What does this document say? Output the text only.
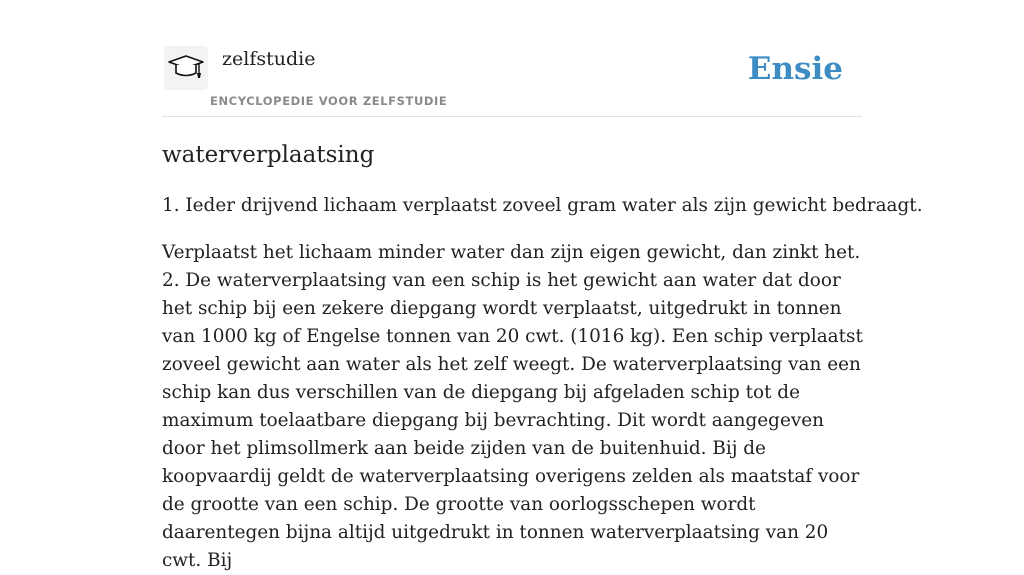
zelfstudie
ENCYCLOPEDIE VOOR ZELFSTUDIE
Ensie
waterverplaatsing

1. Ieder drijvend lichaam verplaatst zoveel gram water als zijn gewicht bedraagt.

Verplaatst het lichaam minder water dan zijn eigen gewicht, dan zinkt het. 2. De waterverplaatsing van een schip is het gewicht aan water dat door het schip bij een zekere diepgang wordt verplaatst, uitgedrukt in tonnen van 1000 kg of Engelse tonnen van 20 cwt. (1016 kg). Een schip verplaatst zoveel gewicht aan water als het zelf weegt. De waterverplaatsing van een schip kan dus verschillen van de diepgang bij afgeladen schip tot de maximum toelaatbare diepgang bij bevrachting. Dit wordt aangegeven door het plimsollmerk aan beide zijden van de buitenhuid. Bij de koopvaardij geldt de waterverplaatsing overigens zelden als maatstaf voor de grootte van een schip. De grootte van oorlogsschepen wordt daarentegen bijna altijd uitgedrukt in tonnen waterverplaatsing van 20 cwt. Bij
